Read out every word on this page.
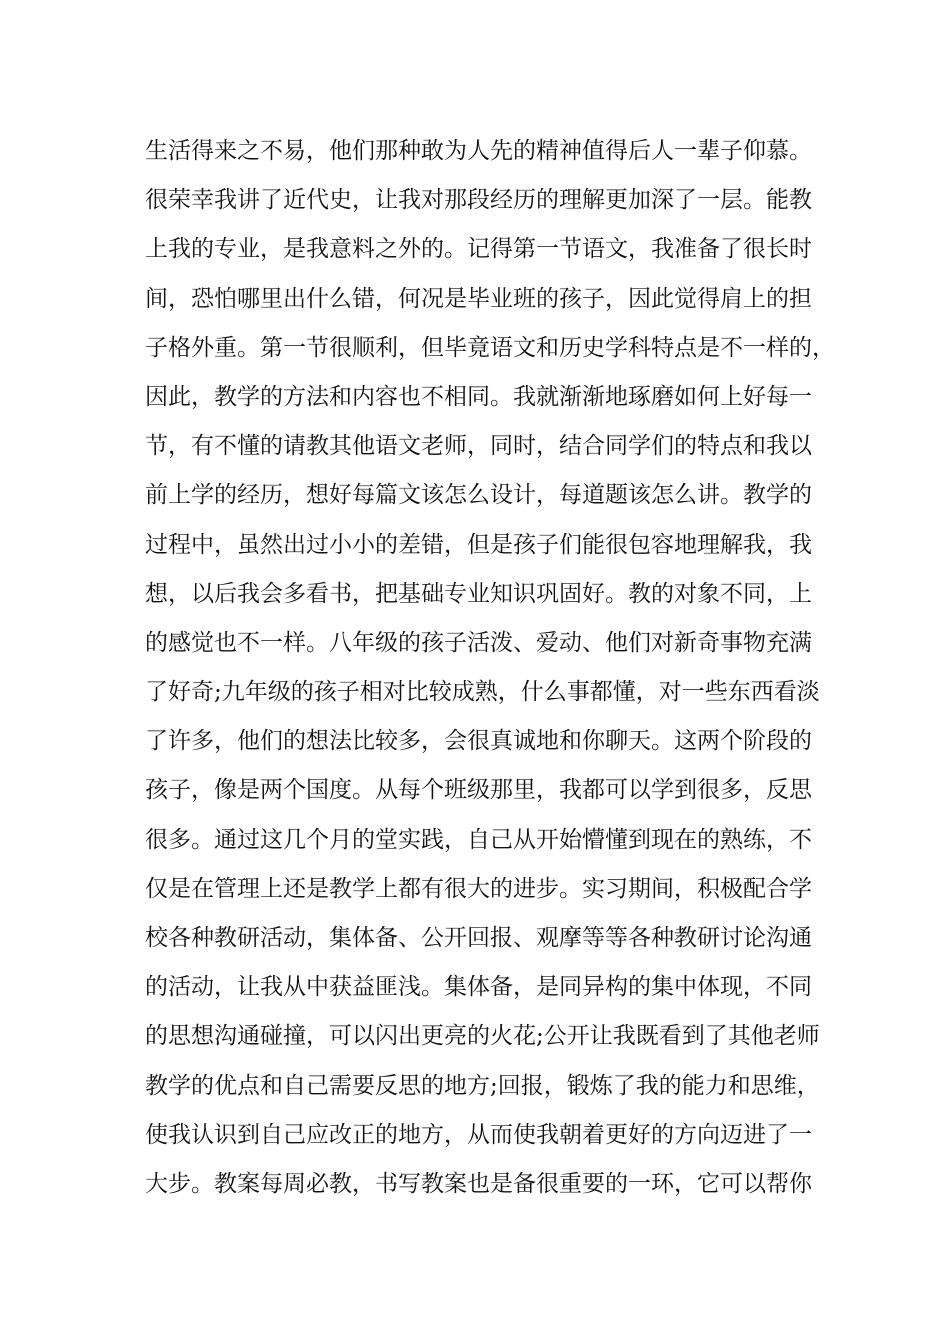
生活得来之不易，他们那种敢为人先的精神值得后人一辈子仰慕。
很荣幸我讲了近代史，让我对那段经历的理解更加深了一层。能教
上我的专业，是我意料之外的。记得第一节语文，我准备了很长时
间，恐怕哪里出什么错，何况是毕业班的孩子，因此觉得肩上的担
子格外重。第一节很顺利，但毕竟语文和历史学科特点是不一样的，
因此，教学的方法和内容也不相同。我就渐渐地琢磨如何上好每一
节，有不懂的请教其他语文老师，同时，结合同学们的特点和我以
前上学的经历，想好每篇文该怎么设计，每道题该怎么讲。教学的
过程中，虽然出过小小的差错，但是孩子们能很包容地理解我，我
想，以后我会多看书，把基础专业知识巩固好。教的对象不同，上
的感觉也不一样。八年级的孩子活泼、爱动、他们对新奇事物充满
了好奇;九年级的孩子相对比较成熟，什么事都懂，对一些东西看淡
了许多，他们的想法比较多，会很真诚地和你聊天。这两个阶段的
孩子，像是两个国度。从每个班级那里，我都可以学到很多，反思
很多。通过这几个月的堂实践，自己从开始懵懂到现在的熟练，不
仅是在管理上还是教学上都有很大的进步。实习期间，积极配合学
校各种教研活动，集体备、公开回报、观摩等等各种教研讨论沟通
的活动，让我从中获益匪浅。集体备，是同异构的集中体现，不同
的思想沟通碰撞，可以闪出更亮的火花;公开让我既看到了其他老师
教学的优点和自己需要反思的地方;回报，锻炼了我的能力和思维，
使我认识到自己应改正的地方，从而使我朝着更好的方向迈进了一
大步。教案每周必教，书写教案也是备很重要的一环，它可以帮你
